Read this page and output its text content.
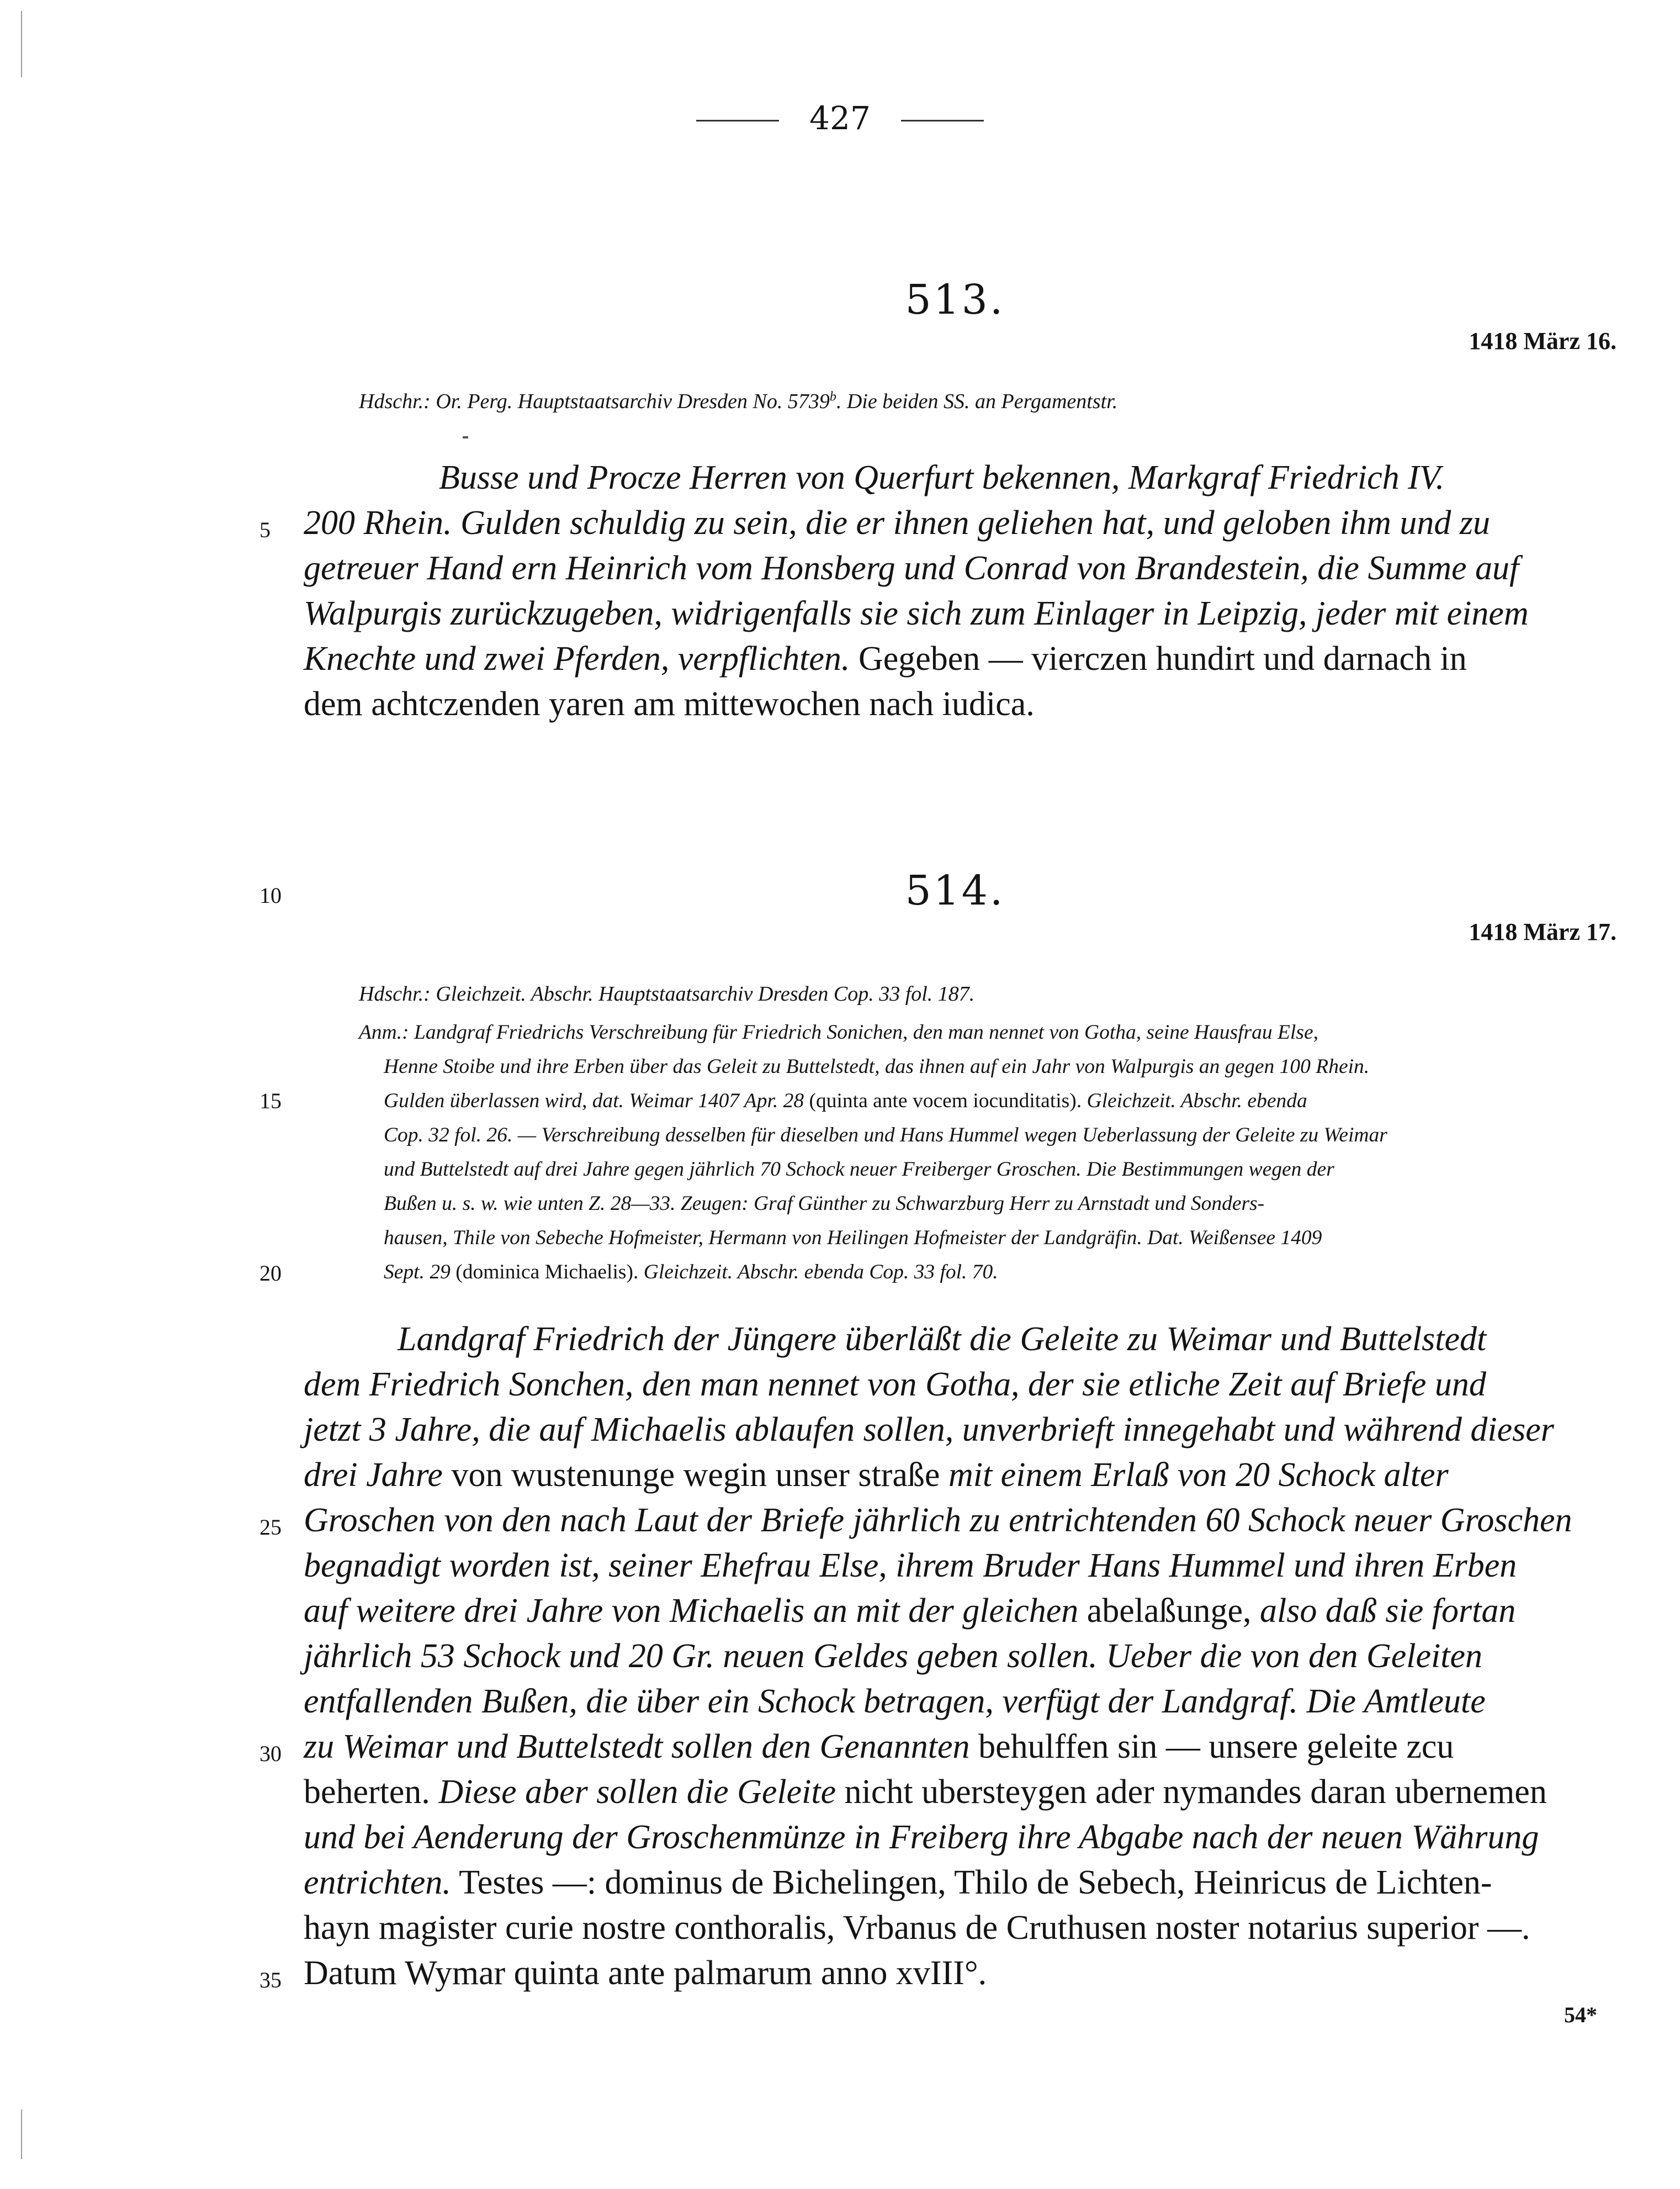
427
513.
1418 März 16.
Hdschr.: Or. Perg. Hauptstaatsarchiv Dresden No. 5739$^b$. Die beiden SS. an Pergamentstr.
Busse und Procze Herren von Querfurt bekennen, Markgraf Friedrich IV.
200 Rhein. Gulden schuldig zu sein, die er ihnen geliehen hat, und geloben ihm und zu
getreuer Hand ern Heinrich vom Honsberg und Conrad von Brandestein, die Summe auf
Walpurgis zurückzugeben, widrigenfalls sie sich zum Einlager in Leipzig, jeder mit einem
Knechte und zwei Pferden, verpflichten. Gegeben — vierczen hundirt und darnach in
dem achtczenden yaren am mittewochen nach iudica.
514.
1418 März 17.
Hdschr.: Gleichzeit. Abschr. Hauptstaatsarchiv Dresden Cop. 33 fol. 187.
Anm.: Landgraf Friedrichs Verschreibung für Friedrich Sonichen, den man nennet von Gotha, seine Hausfrau Else,
Henne Stoibe und ihre Erben über das Geleit zu Buttelstedt, das ihnen auf ein Jahr von Walpurgis an gegen 100 Rhein.
Gulden überlassen wird, dat. Weimar 1407 Apr. 28 (quinta ante vocem iocunditatis). Gleichzeit. Abschr. ebenda
Cop. 32 fol. 26. — Verschreibung desselben für dieselben und Hans Hummel wegen Ueberlassung der Geleite zu Weimar
und Buttelstedt auf drei Jahre gegen jährlich 70 Schock neuer Freiberger Groschen. Die Bestimmungen wegen der
Bußen u. s. w. wie unten Z. 28—33. Zeugen: Graf Günther zu Schwarzburg Herr zu Arnstadt und Sonders-
hausen, Thile von Sebeche Hofmeister, Hermann von Heilingen Hofmeister der Landgräfin. Dat. Weißensee 1409
Sept. 29 (dominica Michaelis). Gleichzeit. Abschr. ebenda Cop. 33 fol. 70.
Landgraf Friedrich der Jüngere überläßt die Geleite zu Weimar und Buttelstedt
dem Friedrich Sonchen, den man nennet von Gotha, der sie etliche Zeit auf Briefe und
jetzt 3 Jahre, die auf Michaelis ablaufen sollen, unverbrieft innegehabt und während dieser
drei Jahre von wustenunge wegin unser straße mit einem Erlaß von 20 Schock alter
Groschen von den nach Laut der Briefe jährlich zu entrichtenden 60 Schock neuer Groschen
begnadigt worden ist, seiner Ehefrau Else, ihrem Bruder Hans Hummel und ihren Erben
auf weitere drei Jahre von Michaelis an mit der gleichen abelaßunge, also daß sie fortan
jährlich 53 Schock und 20 Gr. neuen Geldes geben sollen. Ueber die von den Geleiten
entfallenden Bußen, die über ein Schock betragen, verfügt der Landgraf. Die Amtleute
zu Weimar und Buttelstedt sollen den Genannten behulffen sin — unsere geleite zcu
beherten. Diese aber sollen die Geleite nicht ubersteygen ader nymandes daran ubernemen
und bei Aenderung der Groschenmünze in Freiberg ihre Abgabe nach der neuen Währung
entrichten. Testes —: dominus de Bichelingen, Thilo de Sebech, Heinricus de Lichten-
hayn magister curie nostre conthoralis, Vrbanus de Cruthusen noster notarius superior —.
Datum Wymar quinta ante palmarum anno xvIII°.
5
10
15
20
25
30
35
54*
